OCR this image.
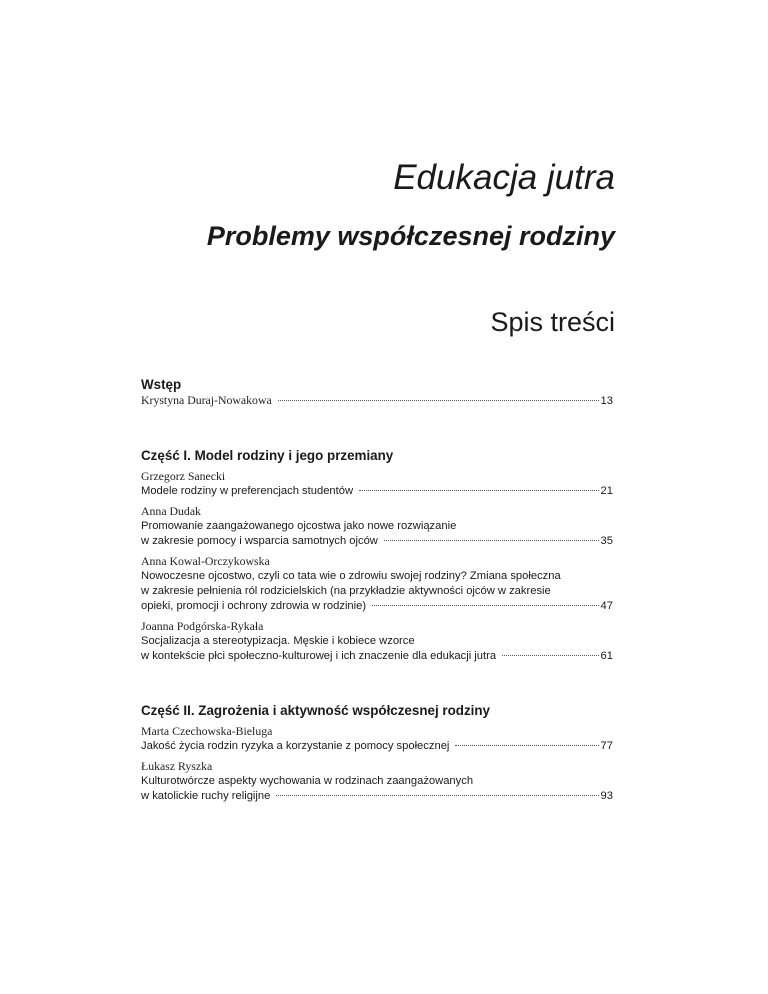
Edukacja jutra
Problemy współczesnej rodziny
Spis treści
Wstęp
Krystyna Duraj-Nowakowa	13
Część I. Model rodziny i jego przemiany
Grzegorz Sanecki
Modele rodziny w preferencjach studentów	21
Anna Dudak
Promowanie zaangażowanego ojcostwa jako nowe rozwiązanie
w zakresie pomocy i wsparcia samotnych ojców	35
Anna Kowal-Orczykowska
Nowoczesne ojcostwo, czyli co tata wie o zdrowiu swojej rodziny? Zmiana społeczna
w zakresie pełnienia ról rodzicielskich (na przykładzie aktywności ojców w zakresie
opieki, promocji i ochrony zdrowia w rodzinie)	47
Joanna Podgórska-Rykała
Socjalizacja a stereotypizacja. Męskie i kobiece wzorce
w kontekście płci społeczno-kulturowej i ich znaczenie dla edukacji jutra	61
Część II. Zagrożenia i aktywność współczesnej rodziny
Marta Czechowska-Bieluga
Jakość życia rodzin ryzyka a korzystanie z pomocy społecznej	77
Łukasz Ryszka
Kulturotwórcze aspekty wychowania w rodzinach zaangażowanych
w katolickie ruchy religijne	93
